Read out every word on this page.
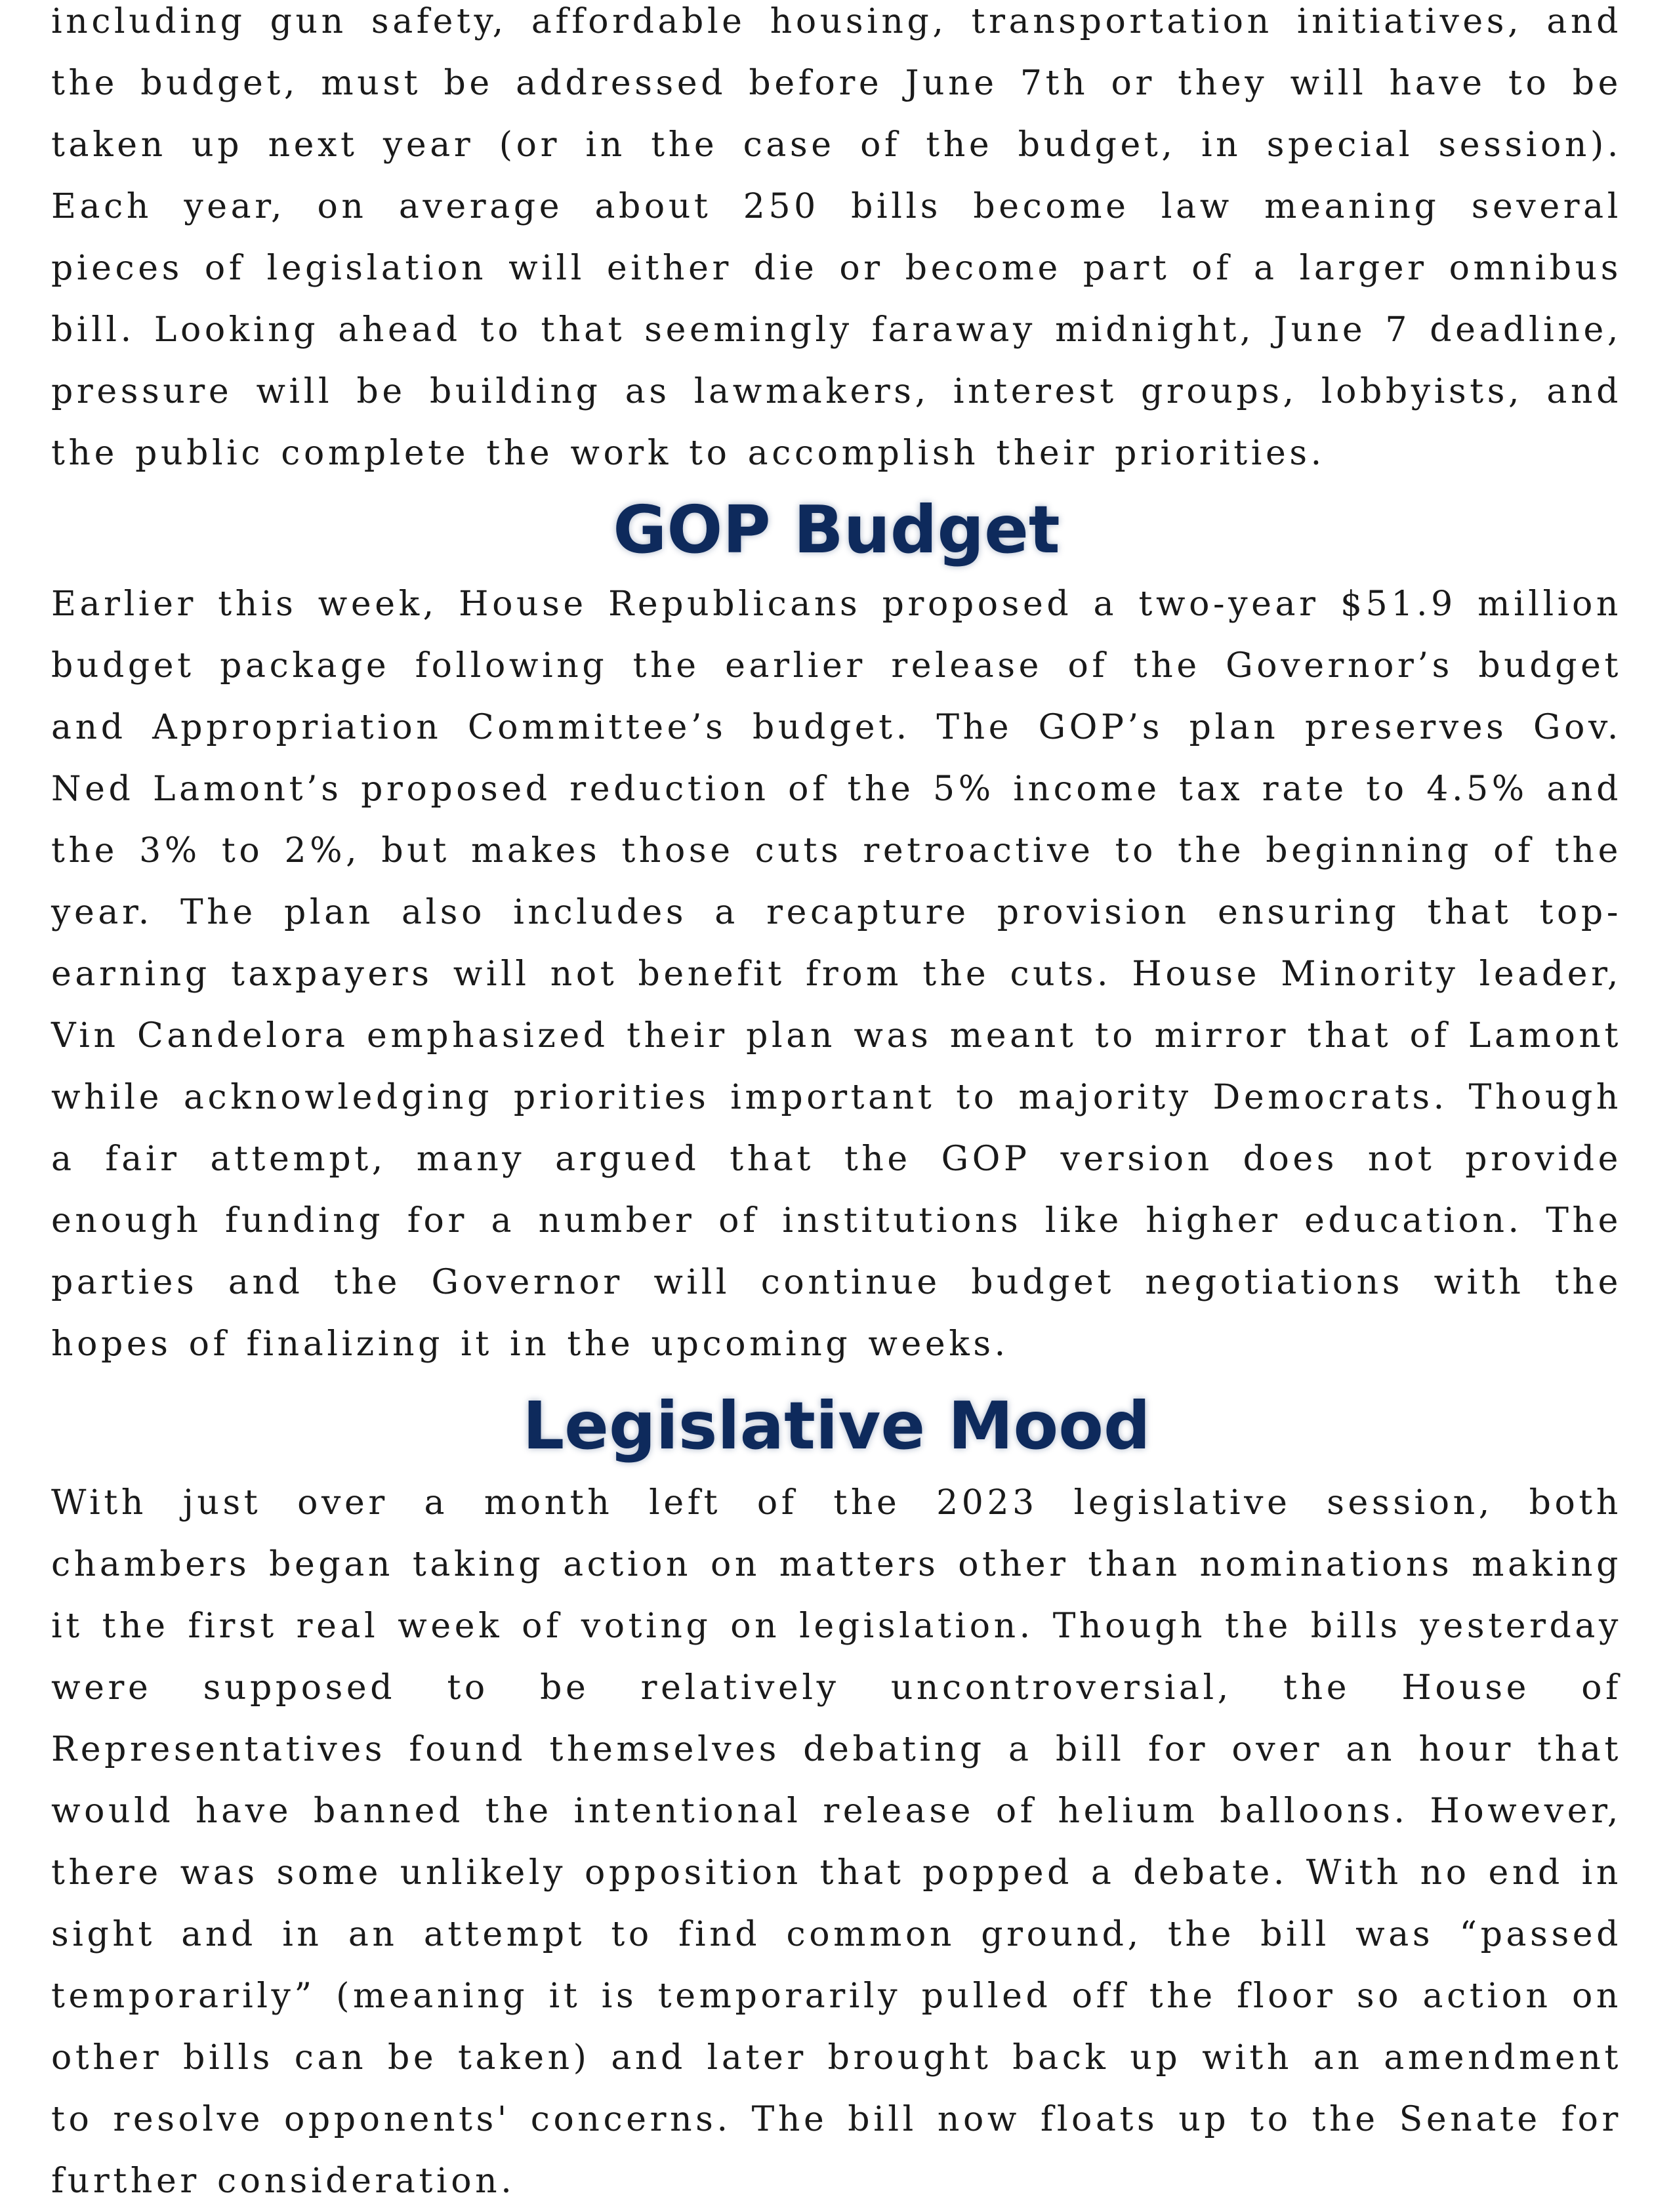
including gun safety, affordable housing, transportation initiatives, and the budget, must be addressed before June 7th or they will have to be taken up next year (or in the case of the budget, in special session). Each year, on average about 250 bills become law meaning several pieces of legislation will either die or become part of a larger omnibus bill. Looking ahead to that seemingly faraway midnight, June 7 deadline, pressure will be building as lawmakers, interest groups, lobbyists, and the public complete the work to accomplish their priorities.

GOP Budget

Earlier this week, House Republicans proposed a two-year $51.9 million budget package following the earlier release of the Governor’s budget and Appropriation Committee’s budget. The GOP’s plan preserves Gov. Ned Lamont’s proposed reduction of the 5% income tax rate to 4.5% and the 3% to 2%, but makes those cuts retroactive to the beginning of the year. The plan also includes a recapture provision ensuring that top-earning taxpayers will not benefit from the cuts. House Minority leader, Vin Candelora emphasized their plan was meant to mirror that of Lamont while acknowledging priorities important to majority Democrats. Though a fair attempt, many argued that the GOP version does not provide enough funding for a number of institutions like higher education. The parties and the Governor will continue budget negotiations with the hopes of finalizing it in the upcoming weeks.

Legislative Mood

With just over a month left of the 2023 legislative session, both chambers began taking action on matters other than nominations making it the first real week of voting on legislation. Though the bills yesterday were supposed to be relatively uncontroversial, the House of Representatives found themselves debating a bill for over an hour that would have banned the intentional release of helium balloons. However, there was some unlikely opposition that popped a debate. With no end in sight and in an attempt to find common ground, the bill was “passed temporarily” (meaning it is temporarily pulled off the floor so action on other bills can be taken) and later brought back up with an amendment to resolve opponents' concerns. The bill now floats up to the Senate for further consideration.
